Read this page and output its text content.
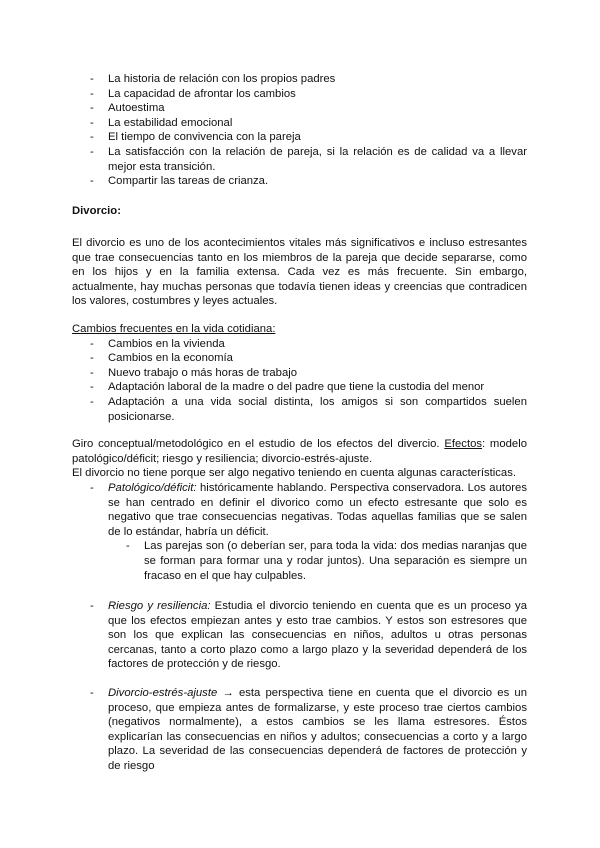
- La historia de relación con los propios padres
- La capacidad de afrontar los cambios
- Autoestima
- La estabilidad emocional
- El tiempo de convivencia con la pareja
- La satisfacción con la relación de pareja, si la relación es de calidad va a llevar mejor esta transición.
- Compartir las tareas de crianza.
Divorcio:
El divorcio es uno de los acontecimientos vitales más significativos e incluso estresantes que trae consecuencias tanto en los miembros de la pareja que decide separarse, como en los hijos y en la familia extensa. Cada vez es más frecuente. Sin embargo, actualmente, hay muchas personas que todavía tienen ideas y creencias que contradicen los valores, costumbres y leyes actuales.
Cambios frecuentes en la vida cotidiana:
- Cambios en la vivienda
- Cambios en la economía
- Nuevo trabajo o más horas de trabajo
- Adaptación laboral de la madre o del padre que tiene la custodia del menor
- Adaptación a una vida social distinta, los amigos si son compartidos suelen posicionarse.

Giro conceptual/metodológico en el estudio de los efectos del divercio. Efectos: modelo patológico/déficit; riesgo y resiliencia; divorcio-estrés-ajuste.

El divorcio no tiene porque ser algo negativo teniendo en cuenta algunas características.

- Patológico/déficit: históricamente hablando. Perspectiva conservadora. Los autores se han centrado en definir el divorico como un efecto estresante que solo es negativo que trae consecuencias negativas. Todas aquellas familias que se salen de lo estándar, habría un déficit.
- Las parejas son (o deberían ser, para toda la vida: dos medias naranjas que se forman para formar una y rodar juntos). Una separación es siempre un fracaso en el que hay culpables.
- Riesgo y resiliencia: Estudia el divorcio teniendo en cuenta que es un proceso ya que los efectos empiezan antes y esto trae cambios. Y estos son estresores que son los que explican las consecuencias en niños, adultos u otras personas cercanas, tanto a corto plazo como a largo plazo y la severidad dependerá de los factores de protección y de riesgo.
- Divorcio-estrés-ajuste → esta perspectiva tiene en cuenta que el divorcio es un proceso, que empieza antes de formalizarse, y este proceso trae ciertos cambios (negativos normalmente), a estos cambios se les llama estresores. Éstos explicarían las consecuencias en niños y adultos; consecuencias a corto y a largo plazo. La severidad de las consecuencias dependerá de factores de protección y de riesgo
